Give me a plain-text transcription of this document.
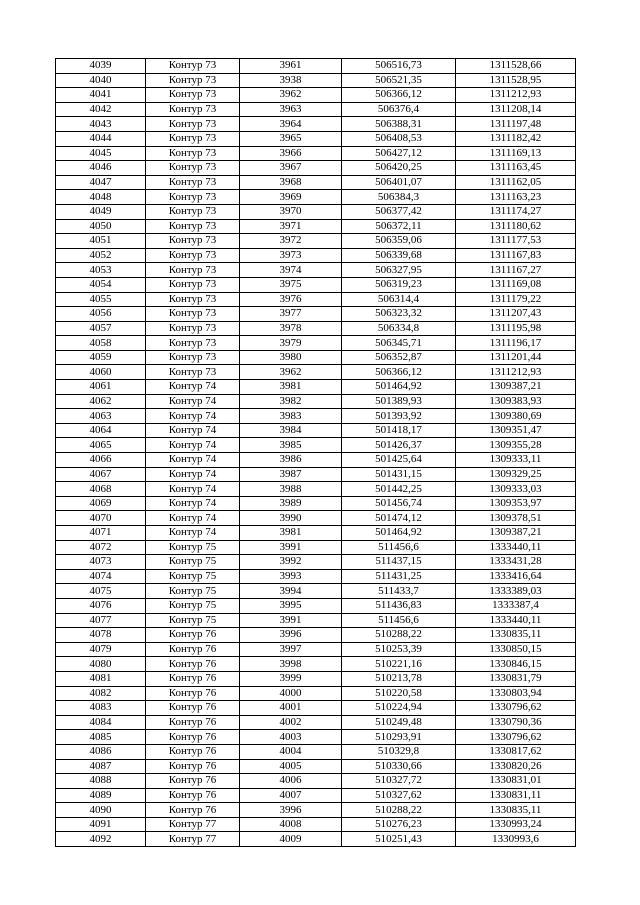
4039	Контур 73	3961	506516,73	1311528,66
4040	Контур 73	3938	506521,35	1311528,95
4041	Контур 73	3962	506366,12	1311212,93
4042	Контур 73	3963	506376,4	1311208,14
4043	Контур 73	3964	506388,31	1311197,48
4044	Контур 73	3965	506408,53	1311182,42
4045	Контур 73	3966	506427,12	1311169,13
4046	Контур 73	3967	506420,25	1311163,45
4047	Контур 73	3968	506401,07	1311162,05
4048	Контур 73	3969	506384,3	1311163,23
4049	Контур 73	3970	506377,42	1311174,27
4050	Контур 73	3971	506372,11	1311180,62
4051	Контур 73	3972	506359,06	1311177,53
4052	Контур 73	3973	506339,68	1311167,83
4053	Контур 73	3974	506327,95	1311167,27
4054	Контур 73	3975	506319,23	1311169,08
4055	Контур 73	3976	506314,4	1311179,22
4056	Контур 73	3977	506323,32	1311207,43
4057	Контур 73	3978	506334,8	1311195,98
4058	Контур 73	3979	506345,71	1311196,17
4059	Контур 73	3980	506352,87	1311201,44
4060	Контур 73	3962	506366,12	1311212,93
4061	Контур 74	3981	501464,92	1309387,21
4062	Контур 74	3982	501389,93	1309383,93
4063	Контур 74	3983	501393,92	1309380,69
4064	Контур 74	3984	501418,17	1309351,47
4065	Контур 74	3985	501426,37	1309355,28
4066	Контур 74	3986	501425,64	1309333,11
4067	Контур 74	3987	501431,15	1309329,25
4068	Контур 74	3988	501442,25	1309333,03
4069	Контур 74	3989	501456,74	1309353,97
4070	Контур 74	3990	501474,12	1309378,51
4071	Контур 74	3981	501464,92	1309387,21
4072	Контур 75	3991	511456,6	1333440,11
4073	Контур 75	3992	511437,15	1333431,28
4074	Контур 75	3993	511431,25	1333416,64
4075	Контур 75	3994	511433,7	1333389,03
4076	Контур 75	3995	511436,83	1333387,4
4077	Контур 75	3991	511456,6	1333440,11
4078	Контур 76	3996	510288,22	1330835,11
4079	Контур 76	3997	510253,39	1330850,15
4080	Контур 76	3998	510221,16	1330846,15
4081	Контур 76	3999	510213,78	1330831,79
4082	Контур 76	4000	510220,58	1330803,94
4083	Контур 76	4001	510224,94	1330796,62
4084	Контур 76	4002	510249,48	1330790,36
4085	Контур 76	4003	510293,91	1330796,62
4086	Контур 76	4004	510329,8	1330817,62
4087	Контур 76	4005	510330,66	1330820,26
4088	Контур 76	4006	510327,72	1330831,01
4089	Контур 76	4007	510327,62	1330831,11
4090	Контур 76	3996	510288,22	1330835,11
4091	Контур 77	4008	510276,23	1330993,24
4092	Контур 77	4009	510251,43	1330993,6
